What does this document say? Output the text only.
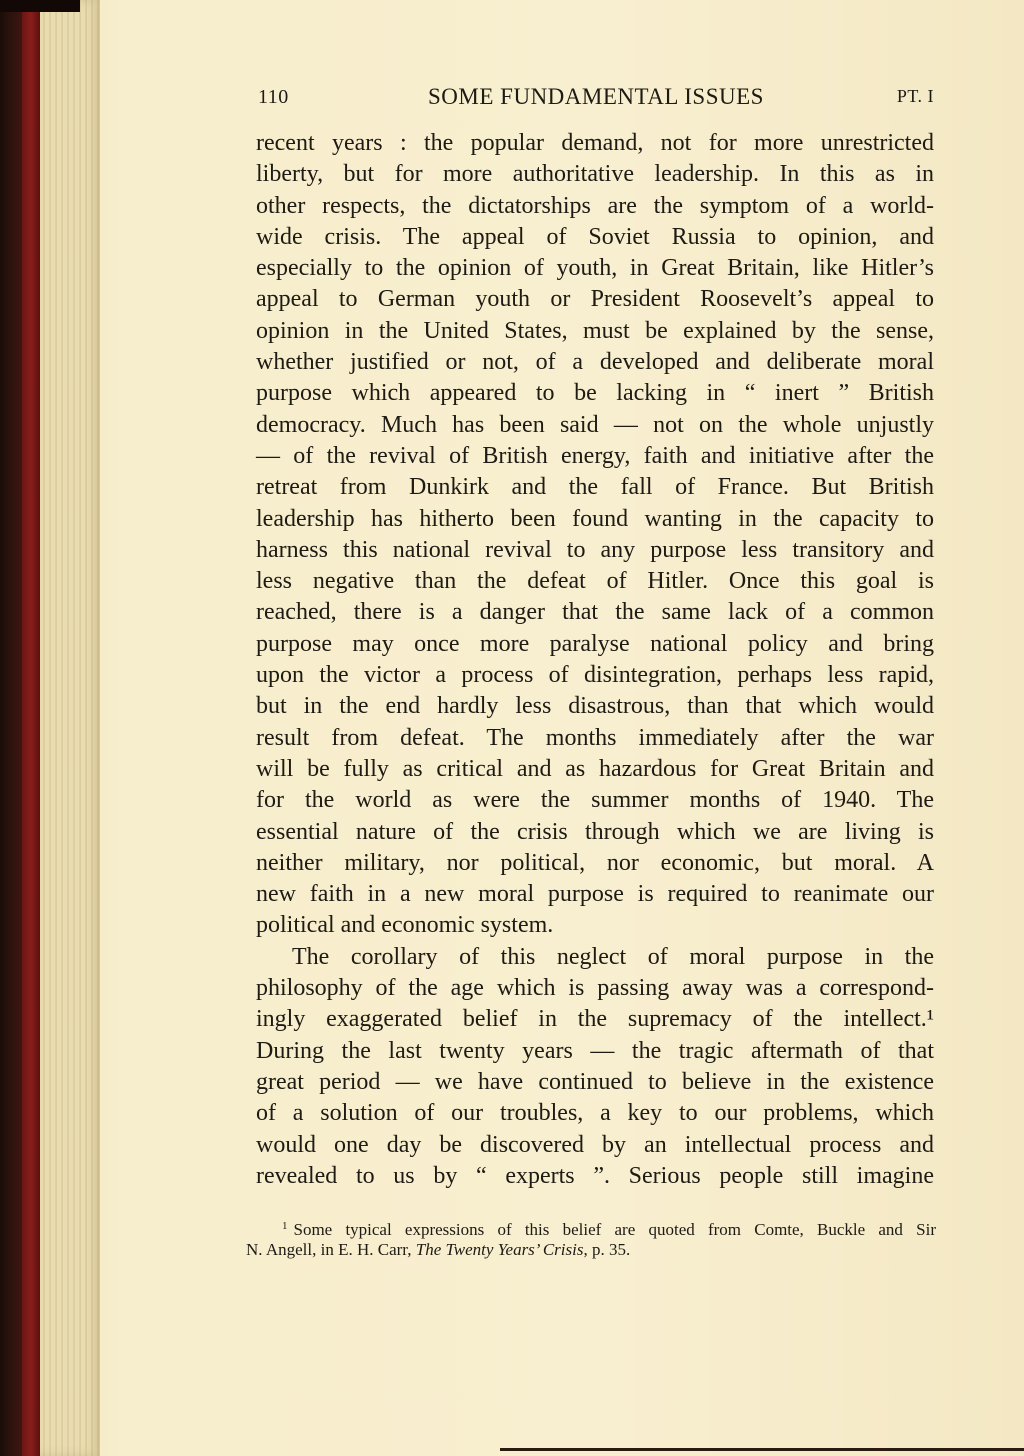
110	SOME FUNDAMENTAL ISSUES	PT. I
recent years : the popular demand, not for more unrestricted
liberty, but for more authoritative leadership. In this as in
other respects, the dictatorships are the symptom of a world-
wide crisis. The appeal of Soviet Russia to opinion, and
especially to the opinion of youth, in Great Britain, like Hitler’s
appeal to German youth or President Roosevelt’s appeal to
opinion in the United States, must be explained by the sense,
whether justified or not, of a developed and deliberate moral
purpose which appeared to be lacking in “ inert ” British
democracy. Much has been said — not on the whole unjustly
— of the revival of British energy, faith and initiative after the
retreat from Dunkirk and the fall of France. But British
leadership has hitherto been found wanting in the capacity to
harness this national revival to any purpose less transitory and
less negative than the defeat of Hitler. Once this goal is
reached, there is a danger that the same lack of a common
purpose may once more paralyse national policy and bring
upon the victor a process of disintegration, perhaps less rapid,
but in the end hardly less disastrous, than that which would
result from defeat. The months immediately after the war
will be fully as critical and as hazardous for Great Britain and
for the world as were the summer months of 1940. The
essential nature of the crisis through which we are living is
neither military, nor political, nor economic, but moral. A
new faith in a new moral purpose is required to reanimate our
political and economic system.
The corollary of this neglect of moral purpose in the
philosophy of the age which is passing away was a correspond-
ingly exaggerated belief in the supremacy of the intellect.¹
During the last twenty years — the tragic aftermath of that
great period — we have continued to believe in the existence
of a solution of our troubles, a key to our problems, which
would one day be discovered by an intellectual process and
revealed to us by “ experts ”. Serious people still imagine
$^1$ Some typical expressions of this belief are quoted from Comte, Buckle and Sir
N. Angell, in E. H. Carr, The Twenty Years’ Crisis, p. 35.
